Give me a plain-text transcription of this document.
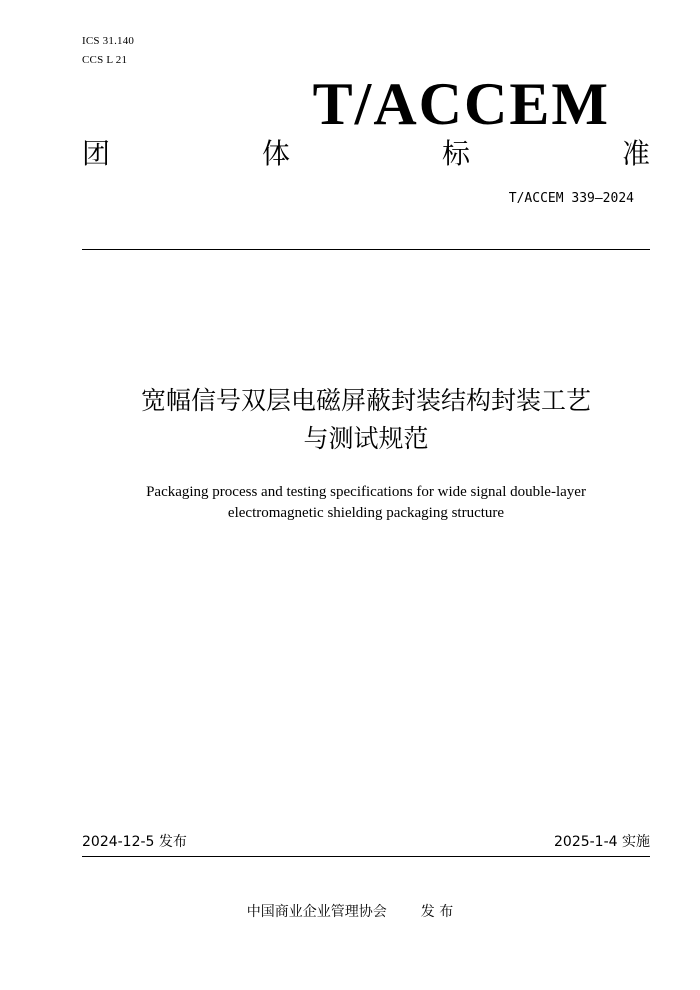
ICS 31.140
CCS L 21
T/ACCEM
团	体	标	准
T/ACCEM 339—2024
宽幅信号双层电磁屏蔽封装结构封装工艺
与测试规范
Packaging process and testing specifications for wide signal double-layer
electromagnetic shielding packaging structure
2024-12-5 发布	2025-1-4 实施
中国商业企业管理协会 发 布
